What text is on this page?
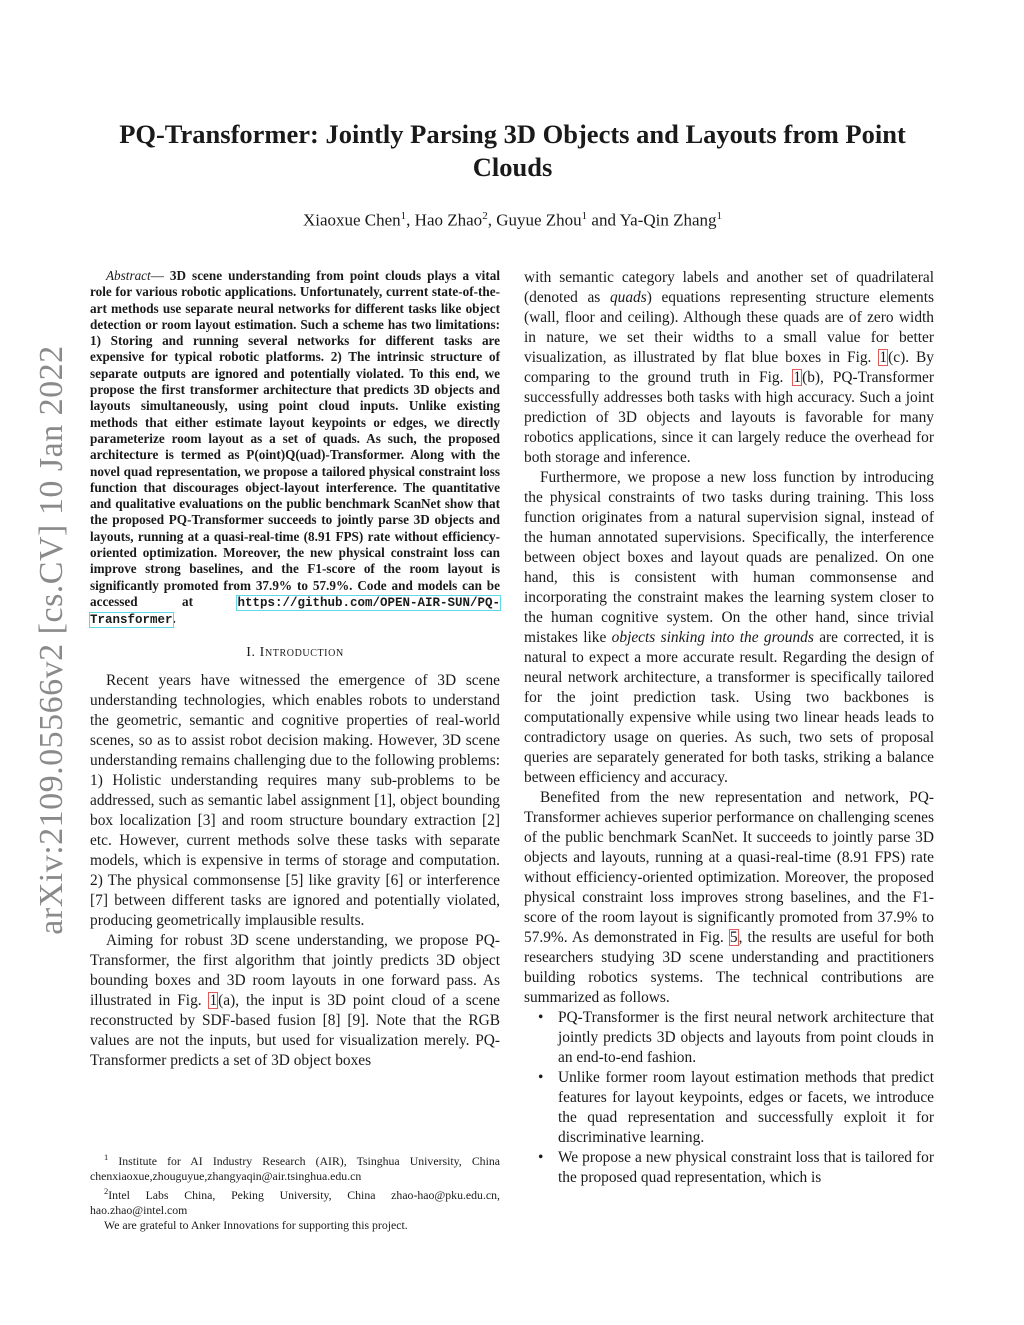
arXiv:2109.05566v2 [cs.CV] 10 Jan 2022
PQ-Transformer: Jointly Parsing 3D Objects and Layouts from Point Clouds
Xiaoxue Chen$^1$, Hao Zhao$^2$, Guyue Zhou$^1$ and Ya-Qin Zhang$^1$

Abstract— 3D scene understanding from point clouds plays a vital role for various robotic applications. Unfortunately, current state-of-the-art methods use separate neural networks for different tasks like object detection or room layout estimation. Such a scheme has two limitations: 1) Storing and running several networks for different tasks are expensive for typical robotic platforms. 2) The intrinsic structure of separate outputs are ignored and potentially violated. To this end, we propose the first transformer architecture that predicts 3D objects and layouts simultaneously, using point cloud inputs. Unlike existing methods that either estimate layout keypoints or edges, we directly parameterize room layout as a set of quads. As such, the proposed architecture is termed as P(oint)Q(uad)-Transformer. Along with the novel quad representation, we propose a tailored physical constraint loss function that discourages object-layout interference. The quantitative and qualitative evaluations on the public benchmark ScanNet show that the proposed PQ-Transformer succeeds to jointly parse 3D objects and layouts, running at a quasi-real-time (8.91 FPS) rate without efficiency-oriented optimization. Moreover, the new physical constraint loss can improve strong baselines, and the F1-score of the room layout is significantly promoted from 37.9% to 57.9%. Code and models can be accessed at https://github.com/OPEN-AIR-SUN/PQ-Transformer.

I. Introduction

Recent years have witnessed the emergence of 3D scene understanding technologies, which enables robots to understand the geometric, semantic and cognitive properties of real-world scenes, so as to assist robot decision making. However, 3D scene understanding remains challenging due to the following problems: 1) Holistic understanding requires many sub-problems to be addressed, such as semantic label assignment [1], object bounding box localization [3] and room structure boundary extraction [2] etc. However, current methods solve these tasks with separate models, which is expensive in terms of storage and computation. 2) The physical commonsense [5] like gravity [6] or interference [7] between different tasks are ignored and potentially violated, producing geometrically implausible results.

Aiming for robust 3D scene understanding, we propose PQ-Transformer, the first algorithm that jointly predicts 3D object bounding boxes and 3D room layouts in one forward pass. As illustrated in Fig. 1(a), the input is 3D point cloud of a scene reconstructed by SDF-based fusion [8] [9]. Note that the RGB values are not the inputs, but used for visualization merely. PQ-Transformer predicts a set of 3D object boxes

with semantic category labels and another set of quadrilateral (denoted as quads) equations representing structure elements (wall, floor and ceiling). Although these quads are of zero width in nature, we set their widths to a small value for better visualization, as illustrated by flat blue boxes in Fig. 1(c). By comparing to the ground truth in Fig. 1(b), PQ-Transformer successfully addresses both tasks with high accuracy. Such a joint prediction of 3D objects and layouts is favorable for many robotics applications, since it can largely reduce the overhead for both storage and inference.

Furthermore, we propose a new loss function by introducing the physical constraints of two tasks during training. This loss function originates from a natural supervision signal, instead of the human annotated supervisions. Specifically, the interference between object boxes and layout quads are penalized. On one hand, this is consistent with human commonsense and incorporating the constraint makes the learning system closer to the human cognitive system. On the other hand, since trivial mistakes like objects sinking into the grounds are corrected, it is natural to expect a more accurate result. Regarding the design of neural network architecture, a transformer is specifically tailored for the joint prediction task. Using two backbones is computationally expensive while using two linear heads leads to contradictory usage on queries. As such, two sets of proposal queries are separately generated for both tasks, striking a balance between efficiency and accuracy.

Benefited from the new representation and network, PQ-Transformer achieves superior performance on challenging scenes of the public benchmark ScanNet. It succeeds to jointly parse 3D objects and layouts, running at a quasi-real-time (8.91 FPS) rate without efficiency-oriented optimization. Moreover, the proposed physical constraint loss improves strong baselines, and the F1-score of the room layout is significantly promoted from 37.9% to 57.9%. As demonstrated in Fig. 5, the results are useful for both researchers studying 3D scene understanding and practitioners building robotics systems. The technical contributions are summarized as follows.

• PQ-Transformer is the first neural network architecture that jointly predicts 3D objects and layouts from point clouds in an end-to-end fashion.
• Unlike former room layout estimation methods that predict features for layout keypoints, edges or facets, we introduce the quad representation and successfully exploit it for discriminative learning.
• We propose a new physical constraint loss that is tailored for the proposed quad representation, which is

$^1$ Institute for AI Industry Research (AIR), Tsinghua University, China chenxiaoxue,zhouguyue,zhangyaqin@air.tsinghua.edu.cn

$^2$Intel Labs China, Peking University, China zhao-hao@pku.edu.cn, hao.zhao@intel.com

We are grateful to Anker Innovations for supporting this project.
